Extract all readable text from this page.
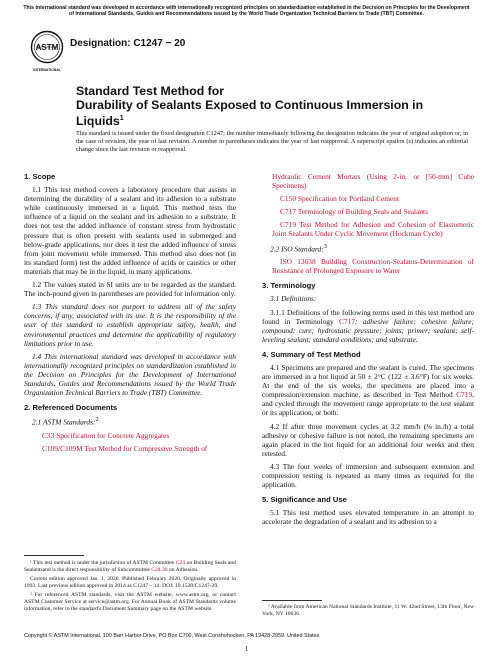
This international standard was developed in accordance with internationally recognized principles on standardization established in the Decision on Principles for the Development of International Standards, Guides and Recommendations issued by the World Trade Organization Technical Barriers to Trade (TBT) Committee.
ASTM
INTERNATIONAL
Designation: C1247 − 20
Standard Test Method for
Durability of Sealants Exposed to Continuous Immersion in Liquids$^1$
This standard is issued under the fixed designation C1247; the number immediately following the designation indicates the year of original adoption or, in the case of revision, the year of last revision. A number in parentheses indicates the year of last reapproval. A superscript epsilon (ε) indicates an editorial change since the last revision or reapproval.
1. Scope

1.1 This test method covers a laboratory procedure that assists in determining the durability of a sealant and its adhesion to a substrate while continuously immersed in a liquid. This method tests the influence of a liquid on the sealant and its adhesion to a substrate. It does not test the added influence of constant stress from hydrostatic pressure that is often present with sealants used in submerged and below-grade applications, nor does it test the added influence of stress from joint movement while immersed. This method also does not (in its standard form) test the added influence of acids or caustics or other materials that may be in the liquid, in many applications.

1.2 The values stated in SI units are to be regarded as the standard. The inch-pound given in parentheses are provided for information only.

1.3 This standard does not purport to address all of the safety concerns, if any, associated with its use. It is the responsibility of the user of this standard to establish appropriate safety, health, and environmental practices and determine the applicability of regulatory limitations prior to use.

1.4 This international standard was developed in accordance with internationally recognized principles on standardization established in the Decision on Principles for the Development of International Standards, Guides and Recommendations issued by the World Trade Organization Technical Barriers to Trade (TBT) Committee.

2. Referenced Documents

2.1 ASTM Standards:$^2$

C33 Specification for Concrete Aggregates

C109/C109M Test Method for Compressive Strength of

Hydraulic Cement Mortars (Using 2-in. or [50-mm] Cube Specimens)

C150 Specification for Portland Cement

C717 Terminology of Building Seals and Sealants

C719 Test Method for Adhesion and Cohesion of Elastomeric Joint Sealants Under Cyclic Movement (Hockman Cycle)

2.2 ISO Standard:$^3$

ISO 13638 Building Construction-Sealants-Determination of Resistance of Prolonged Exposure to Water

3. Terminology

3.1 Definitions:

3.1.1 Definitions of the following terms used in this test method are found in Terminology C717: adhesive failure; cohesive failure; compound; cure; hydrostatic pressure; joints; primer; sealant; self-leveling sealant; standard conditions; and substrate.

4. Summary of Test Method

4.1 Specimens are prepared and the sealant is cured. The specimens are immersed in a hot liquid at 50 ± 2°C (122 ± 3.6°F) for six weeks. At the end of the six weeks, the specimens are placed into a compression/extension machine, as described in Test Method C719, and cycled through the movement range appropriate to the test sealant or its application, or both.

4.2 If after three movement cycles at 3.2 mm/h (⅛ in./h) a total adhesive or cohesive failure is not noted, the remaining specimens are again placed in the hot liquid for an additional four weeks and then retested.

4.3 The four weeks of immersion and subsequent extension and compression testing is repeated as many times as required for the application.

5. Significance and Use

5.1 This test method uses elevated temperature in an attempt to accelerate the degradation of a sealant and its adhesion to a

¹ This test method is under the jurisdiction of ASTM Committee C24 on Building Seals and Sealantsand is the direct responsibility of Subcommittee C24.30 on Adhesion.

Current edition approved Jan. 1, 2020. Published February 2020. Originally approved in 1993. Last previous edition approved in 2014 as C1247 – 14. DOI: 10.1520/C1247-20.

² For referenced ASTM standards, visit the ASTM website, www.astm.org, or contact ASTM Customer Service at service@astm.org. For Annual Book of ASTM Standards volume information, refer to the standard's Document Summary page on the ASTM website.	³ Available from American National Standards Institute, 11 W. 42nd Street, 13th Floor, New York, NY 10036.

Copyright © ASTM International, 100 Barr Harbor Drive, PO Box C700, West Conshohocken, PA 19428-2959. United States
1
